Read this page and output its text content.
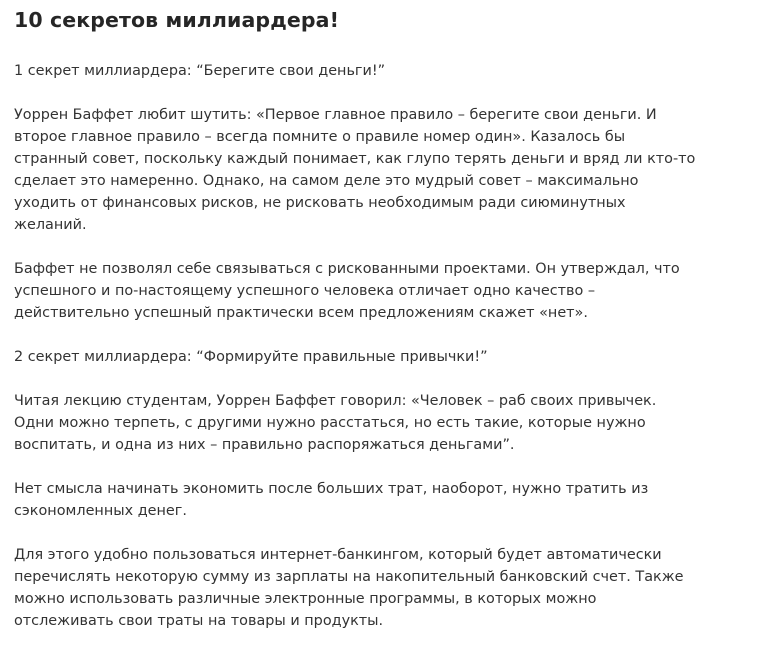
10 секретов миллиардера!

1 секрет миллиардера: “Берегите свои деньги!”

Уоррен Баффет любит шутить: «Первое главное правило – берегите свои деньги. И
второе главное правило – всегда помните о правиле номер один». Казалось бы
странный совет, поскольку каждый понимает, как глупо терять деньги и вряд ли кто-то
сделает это намеренно. Однако, на самом деле это мудрый совет – максимально
уходить от финансовых рисков, не рисковать необходимым ради сиюминутных
желаний.

Баффет не позволял себе связываться с рискованными проектами. Он утверждал, что
успешного и по-настоящему успешного человека отличает одно качество –
действительно успешный практически всем предложениям скажет «нет».

2 секрет миллиардера: “Формируйте правильные привычки!”

Читая лекцию студентам, Уоррен Баффет говорил: «Человек – раб своих привычек.
Одни можно терпеть, с другими нужно расстаться, но есть такие, которые нужно
воспитать, и одна из них – правильно распоряжаться деньгами”.

Нет смысла начинать экономить после больших трат, наоборот, нужно тратить из
сэкономленных денег.

Для этого удобно пользоваться интернет-банкингом, который будет автоматически
перечислять некоторую сумму из зарплаты на накопительный банковский счет. Также
можно использовать различные электронные программы, в которых можно
отслеживать свои траты на товары и продукты.
